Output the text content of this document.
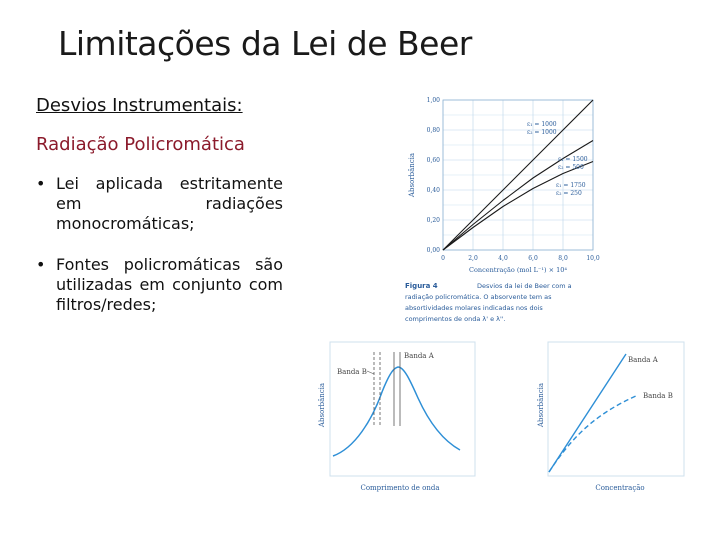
Limitações da Lei de Beer
Desvios Instrumentais:
Radiação Policromática
• Lei aplicada estritamente em radiações monocromáticas;
• Fontes policromáticas são utilizadas em conjunto com filtros/redes;
0	2,0	4,0	6,0	8,0	10,0
0,00
0,20
0,40
0,60
0,80
1,00
Absorbância
Concentração (mol L⁻¹) × 10⁴
ε₁ = 1000
ε₂ = 1000
ε₁ = 1500
ε₂ = 500
ε₁ = 1750
ε₂ = 250
Figura 4	Desvios da lei de Beer com a
radiação policromática. O absorvente tem as
absortividades molares indicadas nos dois
comprimentos de onda λ' e λ''.
Banda A
Banda B
Absorbância
Comprimento de onda
Banda A
Banda B
Absorbância
Concentração
